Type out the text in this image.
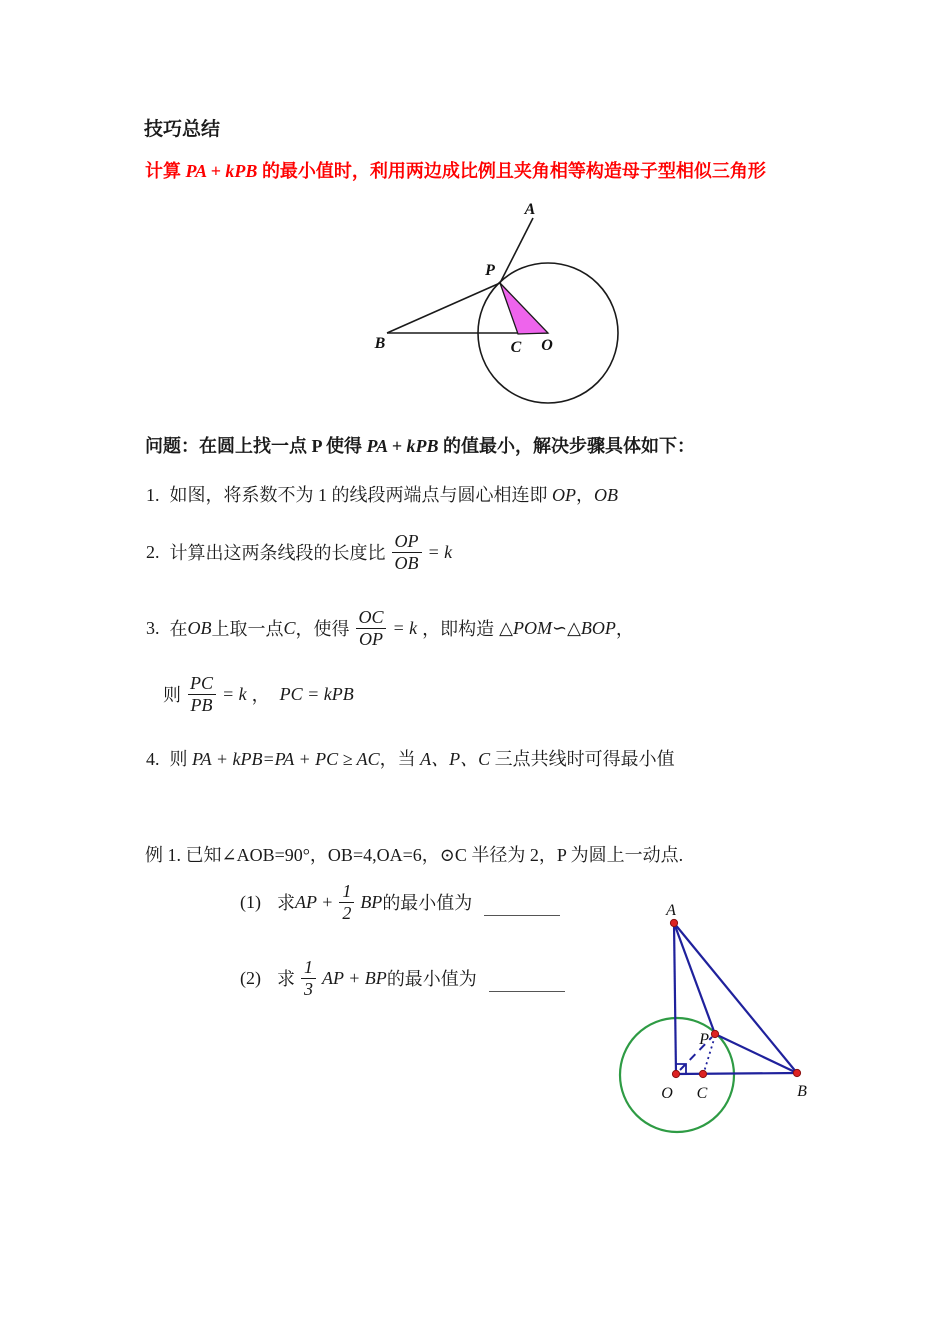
技巧总结
计算 PA + kPB 的最小值时，利用两边成比例且夹角相等构造母子型相似三角形
A
P
B	C O
问题：在圆上找一点 P 使得 PA + kPB 的值最小，解决步骤具体如下：
1. 如图，将系数不为 1 的线段两端点与圆心相连即 OP，OB
2. 计算出这两条线段的长度比 $\frac{OP}{OB} = k$
3. 在 OB 上取一点 C ，使得 $\frac{OC}{OP} = k$ ，即构造 △POM∽△BOP ，
则 $\frac{PC}{PB} = k$ ， PC = kPB
4. 则 PA + kPB=PA + PC ≥ AC，当 A、P、C 三点共线时可得最小值
例 1. 已知∠AOB=90°，OB=4,OA=6，⊙C 半径为 2，P 为圆上一动点.
(1) 求 AP + $\frac{1}{2}$ BP 的最小值为
(2) 求 $\frac{1}{3}$ AP + BP 的最小值为
A
O C	B
P
